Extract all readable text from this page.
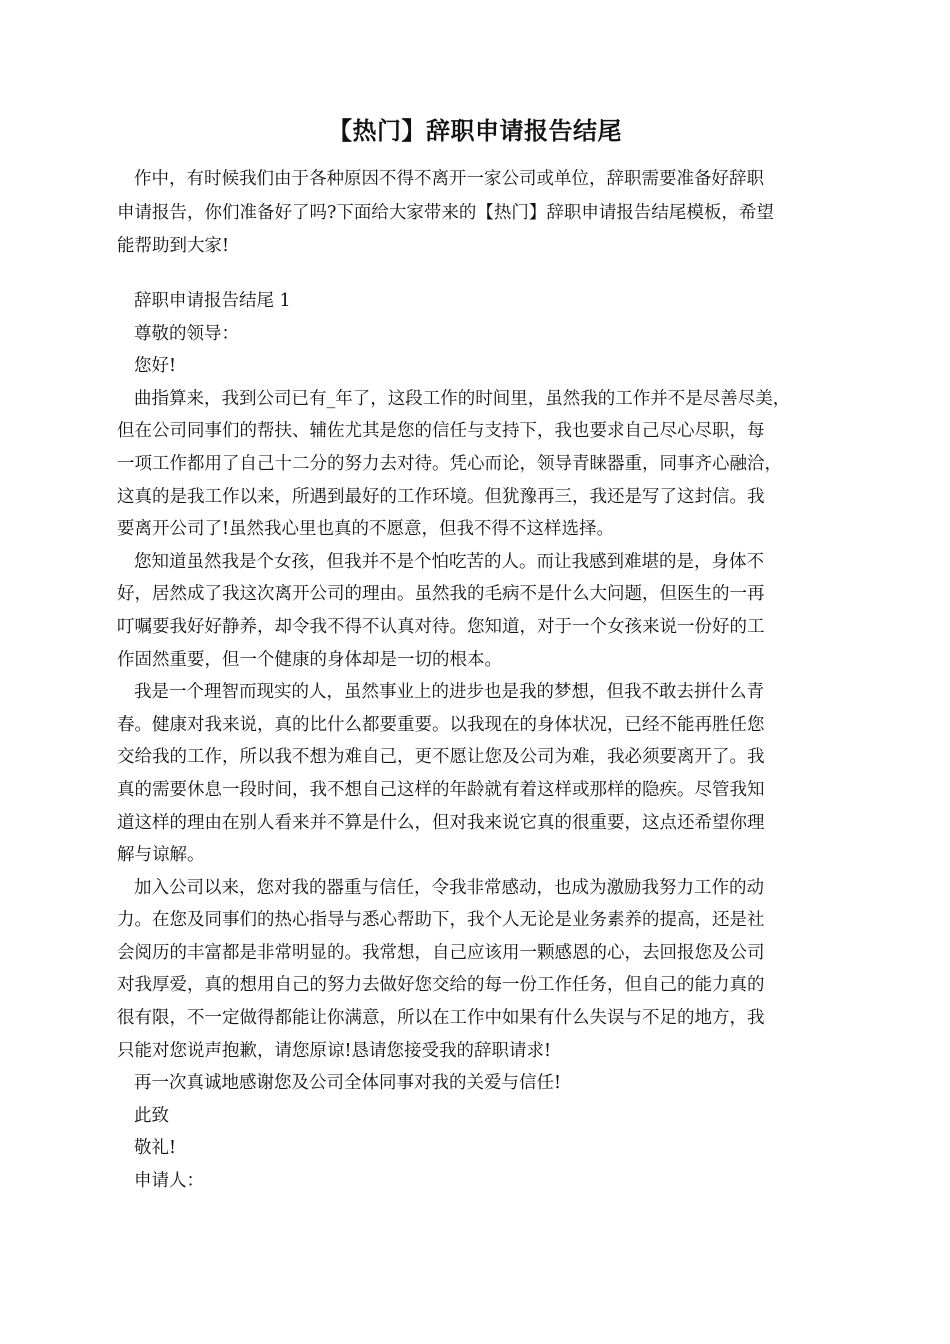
【热门】辞职申请报告结尾
作中，有时候我们由于各种原因不得不离开一家公司或单位，辞职需要准备好辞职
申请报告，你们准备好了吗?下面给大家带来的【热门】辞职申请报告结尾模板，希望
能帮助到大家!
辞职申请报告结尾 1
尊敬的领导：
您好!
曲指算来，我到公司已有_年了，这段工作的时间里，虽然我的工作并不是尽善尽美，
但在公司同事们的帮扶、辅佐尤其是您的信任与支持下，我也要求自己尽心尽职，每
一项工作都用了自己十二分的努力去对待。凭心而论，领导青睐器重，同事齐心融洽，
这真的是我工作以来，所遇到最好的工作环境。但犹豫再三，我还是写了这封信。我
要离开公司了!虽然我心里也真的不愿意，但我不得不这样选择。
您知道虽然我是个女孩，但我并不是个怕吃苦的人。而让我感到难堪的是，身体不
好，居然成了我这次离开公司的理由。虽然我的毛病不是什么大问题，但医生的一再
叮嘱要我好好静养，却令我不得不认真对待。您知道，对于一个女孩来说一份好的工
作固然重要，但一个健康的身体却是一切的根本。
我是一个理智而现实的人，虽然事业上的进步也是我的梦想，但我不敢去拼什么青
春。健康对我来说，真的比什么都要重要。以我现在的身体状况，已经不能再胜任您
交给我的工作，所以我不想为难自己，更不愿让您及公司为难，我必须要离开了。我
真的需要休息一段时间，我不想自己这样的年龄就有着这样或那样的隐疾。尽管我知
道这样的理由在别人看来并不算是什么，但对我来说它真的很重要，这点还希望你理
解与谅解。
加入公司以来，您对我的器重与信任，令我非常感动，也成为激励我努力工作的动
力。在您及同事们的热心指导与悉心帮助下，我个人无论是业务素养的提高，还是社
会阅历的丰富都是非常明显的。我常想，自己应该用一颗感恩的心，去回报您及公司
对我厚爱，真的想用自己的努力去做好您交给的每一份工作任务，但自己的能力真的
很有限，不一定做得都能让你满意，所以在工作中如果有什么失误与不足的地方，我
只能对您说声抱歉，请您原谅!恳请您接受我的辞职请求!
再一次真诚地感谢您及公司全体同事对我的关爱与信任!
此致
敬礼!
申请人：
